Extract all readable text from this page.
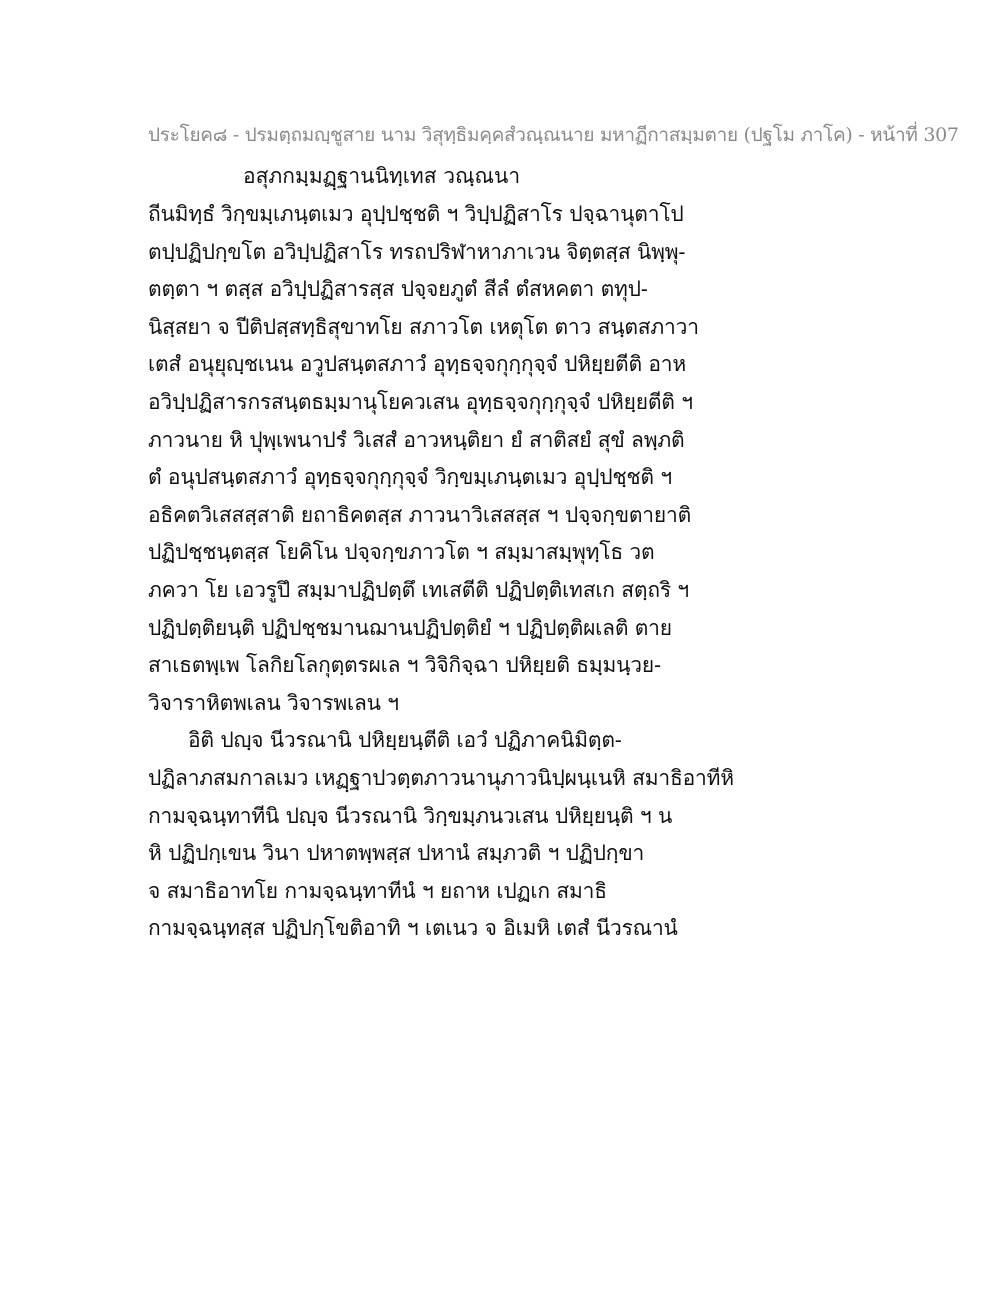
ประโยค๘ - ปรมตฺถมญฺชูสาย นาม วิสุทฺธิมคฺคสํวณฺณนาย มหาฏีกาสมฺมตาย (ปฐโม ภาโค) - หน้าที่ 307
อสุภกมฺมฏฺฐานนิทฺเทส วณฺณนา
ถีนมิทฺธํ วิกฺขมฺเภนฺตเมว อุปฺปชฺชติ ฯ วิปฺปฏิสาโร ปจฺฉานุตาโป
ตปฺปฏิปกฺขโต อวิปฺปฏิสาโร ทรถปริฬาหาภาเวน จิตฺตสฺส นิพฺพุ-
ตตฺตา ฯ ตสฺส อวิปฺปฏิสารสฺส ปจฺจยภูตํ สีลํ ตํสหคตา ตทุป-
นิสฺสยา จ ปีติปสฺสทฺธิสุขาทโย สภาวโต เหตุโต ตาว สนฺตสภาวา
เตสํ อนุยุญฺชเนน อวูปสนฺตสภาวํ อุทฺธจฺจกุกฺกุจฺจํ ปหิยฺยตีติ อาห
อวิปฺปฏิสารกรสนฺตธมฺมานุโยควเสน อุทฺธจฺจกุกฺกุจฺจํ ปหิยฺยตีติ ฯ
ภาวนาย หิ ปุพฺเพนาปรํ วิเสสํ อาวหนฺติยา ยํ สาติสยํ สุขํ ลพฺภติ
ตํ อนุปสนฺตสภาวํ อุทฺธจฺจกุกฺกุจฺจํ วิกฺขมฺเภนฺตเมว อุปฺปชฺชติ ฯ
อธิคตวิเสสสฺสาติ ยถาธิคตสฺส ภาวนาวิเสสสฺส ฯ ปจฺจกฺขตายาติ
ปฏิปชฺชนฺตสฺส โยคิโน ปจฺจกฺขภาวโต ฯ สมฺมาสมฺพุทฺโธ วต
ภควา โย เอวรูปึ สมฺมาปฏิปตฺตึ เทเสตีติ ปฏิปตฺติเทสเก สตฺถริ ฯ
ปฏิปตฺติยนฺติ ปฏิปชฺชมานฌานปฏิปตฺติยํ ฯ ปฏิปตฺติผเลติ ตาย
สาเธตพฺเพ โลกิยโลกุตฺตรผเล ฯ วิจิกิจฺฉา ปหิยฺยติ ธมฺมนฺวย-
วิจาราหิตพเลน วิจารพเลน ฯ
อิติ ปญฺจ นีวรณานิ ปหิยฺยนฺตีติ เอวํ ปฏิภาคนิมิตฺต-
ปฏิลาภสมกาลเมว เหฏฺฐาปวตฺตภาวนานุภาวนิปฺผนฺเนหิ สมาธิอาทีหิ
กามจฺฉนฺทาทีนิ ปญฺจ นีวรณานิ วิกฺขมฺภนวเสน ปหิยฺยนฺติ ฯ น
หิ ปฏิปกฺเขน วินา ปหาตพฺพสฺส ปหานํ สมฺภวติ ฯ ปฏิปกฺขา
จ สมาธิอาทโย กามจฺฉนฺทาทีนํ ฯ ยถาห เปฏเก สมาธิ
กามจฺฉนฺทสฺส ปฏิปกฺโขติอาทิ ฯ เตเนว จ อิเมหิ เตสํ นีวรณานํ
